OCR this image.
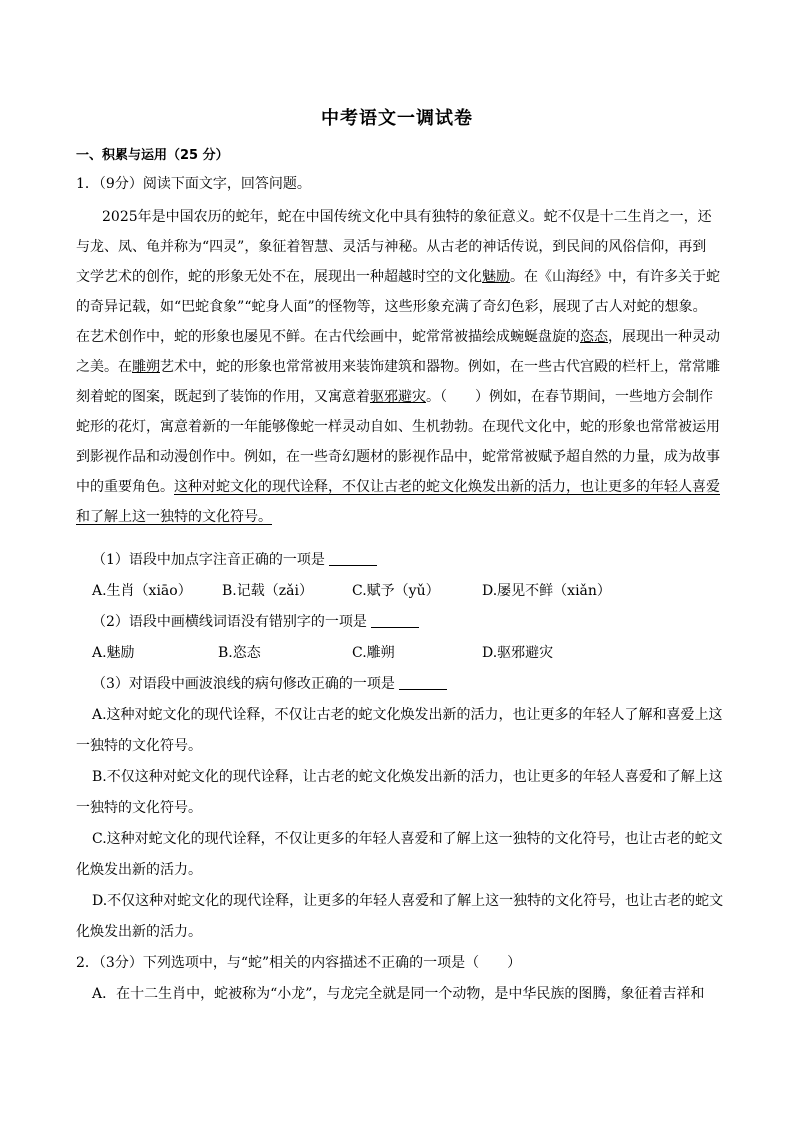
中考语文一调试卷
一、积累与运用（25 分）
1．（9分）阅读下面文字，回答问题。
2025年是中国农历的蛇年，蛇在中国传统文化中具有独特的象征意义。蛇不仅是十二生肖之一，还与龙、凤、龟并称为“四灵”，象征着智慧、灵活与神秘。从古老的神话传说，到民间的风俗信仰，再到文学艺术的创作，蛇的形象无处不在，展现出一种超越时空的文化魅励。在《山海经》中，有许多关于蛇的奇异记载，如“巴蛇食象”“蛇身人面”的怪物等，这些形象充满了奇幻色彩，展现了古人对蛇的想象。在艺术创作中，蛇的形象也屡见不鲜。在古代绘画中，蛇常常被描绘成蜿蜒盘旋的恣态，展现出一种灵动之美。在雕朔艺术中，蛇的形象也常常被用来装饰建筑和器物。例如，在一些古代宫殿的栏杆上，常常雕刻着蛇的图案，既起到了装饰的作用，又寓意着驱邪避灾。（　　）例如，在春节期间，一些地方会制作蛇形的花灯，寓意着新的一年能够像蛇一样灵动自如、生机勃勃。在现代文化中，蛇的形象也常常被运用到影视作品和动漫创作中。例如，在一些奇幻题材的影视作品中，蛇常常被赋予超自然的力量，成为故事中的重要角色。这种对蛇文化的现代诠释，不仅让古老的蛇文化焕发出新的活力，也让更多的年轻人喜爱和了解上这一独特的文化符号。
（1）语段中加点字注音正确的一项是
A.生肖（xiāo） B.记载（zǎi）	C.赋予（yǔ）	D.屡见不鲜（xiǎn）
（2）语段中画横线词语没有错别字的一项是
A.魅励	B.恣态	C.雕朔	D.驱邪避灾
（3）对语段中画波浪线的病句修改正确的一项是
A.这种对蛇文化的现代诠释，不仅让古老的蛇文化焕发出新的活力，也让更多的年轻人了解和喜爱上这
一独特的文化符号。
B.不仅这种对蛇文化的现代诠释，让古老的蛇文化焕发出新的活力，也让更多的年轻人喜爱和了解上这
一独特的文化符号。
C.这种对蛇文化的现代诠释，不仅让更多的年轻人喜爱和了解上这一独特的文化符号，也让古老的蛇文
化焕发出新的活力。
D.不仅这种对蛇文化的现代诠释，让更多的年轻人喜爱和了解上这一独特的文化符号，也让古老的蛇文
化焕发出新的活力。
2．（3分）下列选项中，与“蛇”相关的内容描述不正确的一项是（　　）
A．在十二生肖中，蛇被称为“小龙”，与龙完全就是同一个动物，是中华民族的图腾，象征着吉祥和
